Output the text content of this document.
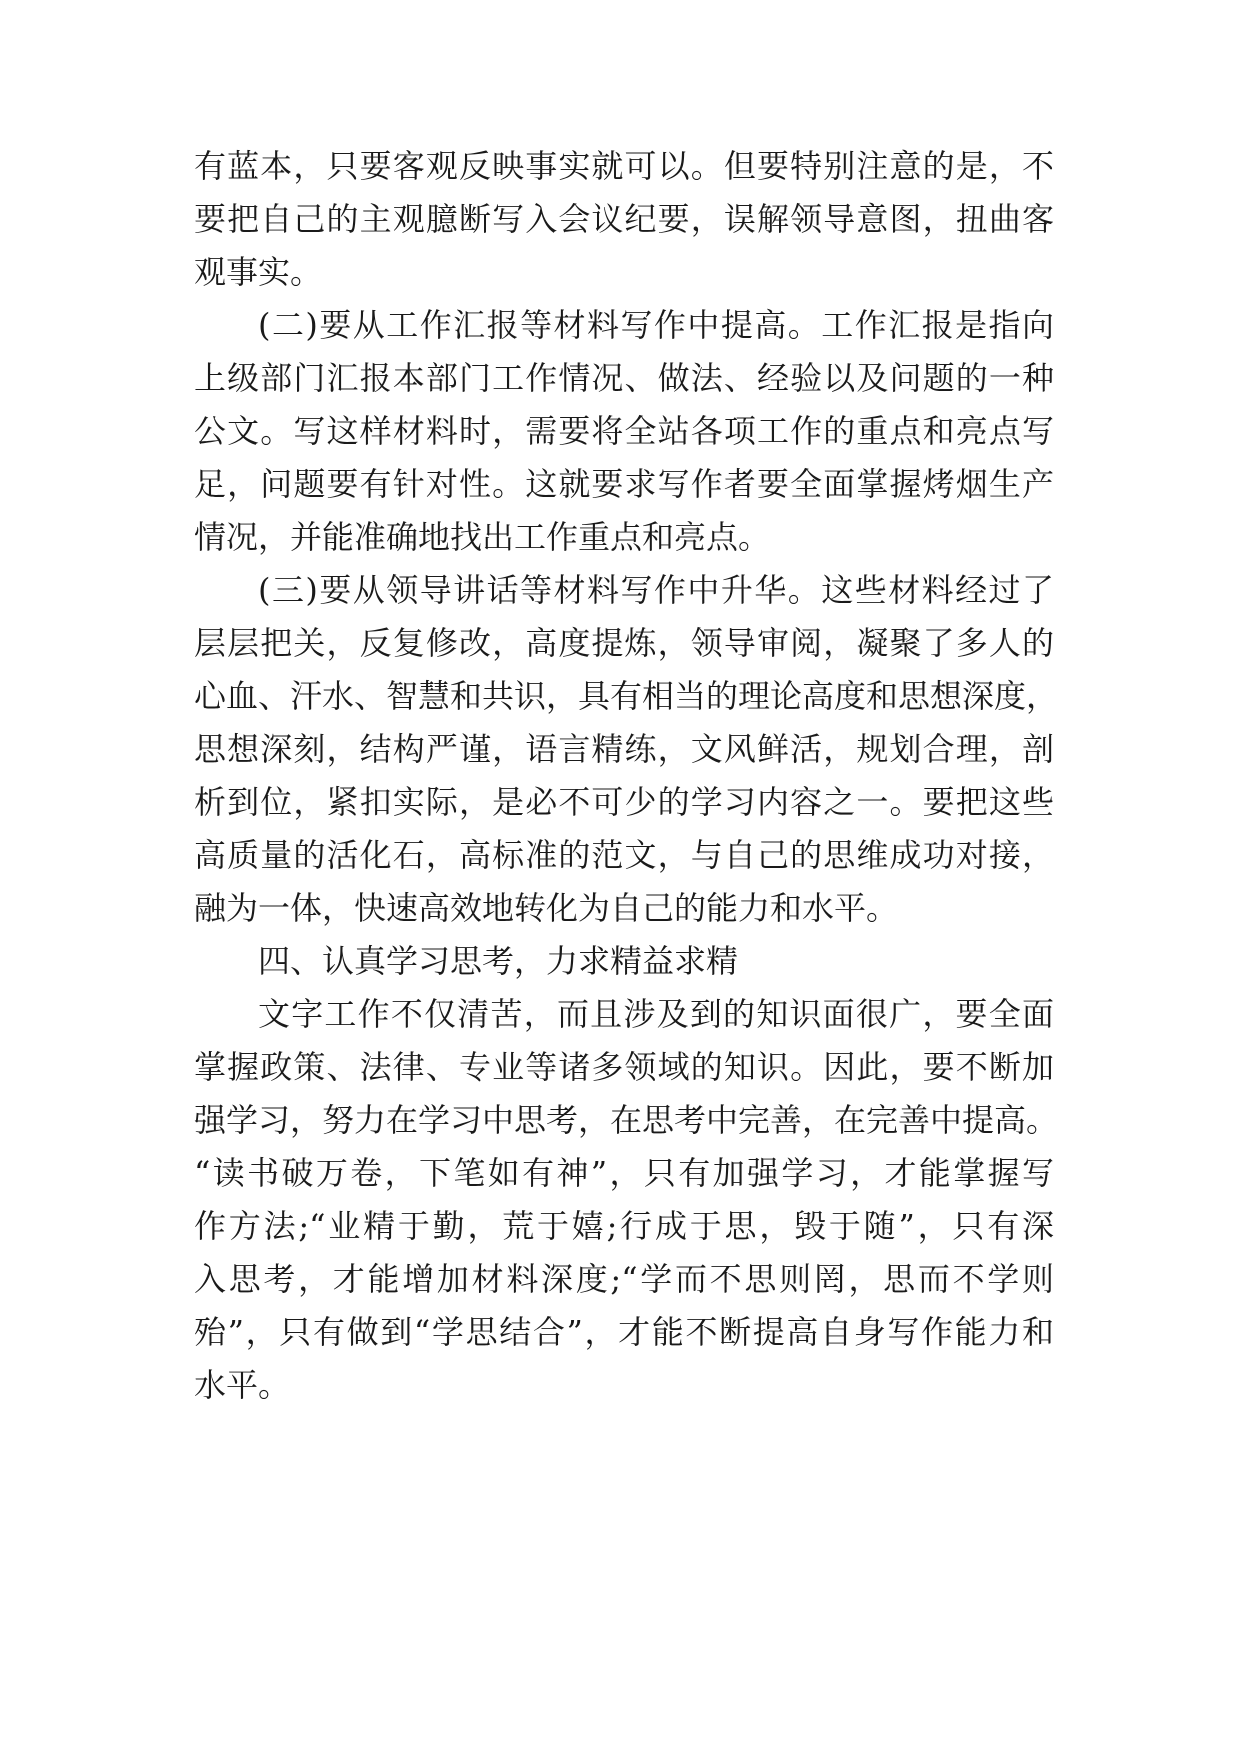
有蓝本，只要客观反映事实就可以。但要特别注意的是，不
要把自己的主观臆断写入会议纪要，误解领导意图，扭曲客
观事实。
(二)要从工作汇报等材料写作中提高。工作汇报是指向
上级部门汇报本部门工作情况、做法、经验以及问题的一种
公文。写这样材料时，需要将全站各项工作的重点和亮点写
足，问题要有针对性。这就要求写作者要全面掌握烤烟生产
情况，并能准确地找出工作重点和亮点。
(三)要从领导讲话等材料写作中升华。这些材料经过了
层层把关，反复修改，高度提炼，领导审阅，凝聚了多人的
心血、汗水、智慧和共识，具有相当的理论高度和思想深度，
思想深刻，结构严谨，语言精练，文风鲜活，规划合理，剖
析到位，紧扣实际，是必不可少的学习内容之一。要把这些
高质量的活化石，高标准的范文，与自己的思维成功对接，
融为一体，快速高效地转化为自己的能力和水平。
四、认真学习思考，力求精益求精
文字工作不仅清苦，而且涉及到的知识面很广，要全面
掌握政策、法律、专业等诸多领域的知识。因此，要不断加
强学习，努力在学习中思考，在思考中完善，在完善中提高。
“读书破万卷，下笔如有神”，只有加强学习，才能掌握写
作方法;“业精于勤，荒于嬉;行成于思，毁于随”，只有深
入思考，才能增加材料深度;“学而不思则罔，思而不学则
殆”，只有做到“学思结合”，才能不断提高自身写作能力和
水平。
